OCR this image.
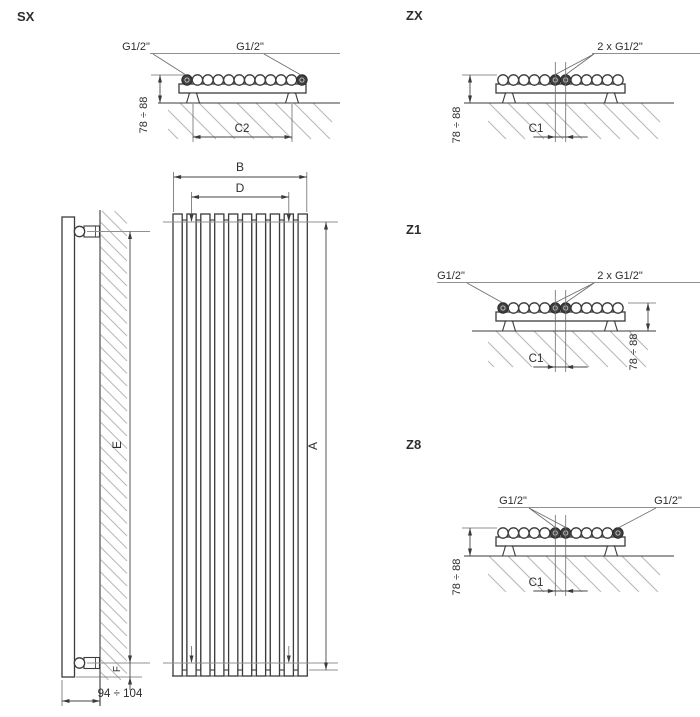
SX	ZX
Z1
Z8
G1/2"	G1/2"
78 ÷ 88	C2
2 x G1/2"
78 ÷ 88	C1
G1/2"	2 x G1/2"
78 ÷ 88
C1
G1/2"	G1/2"
78 ÷ 88	C1
B
D
A
E
F
94 ÷ 104
